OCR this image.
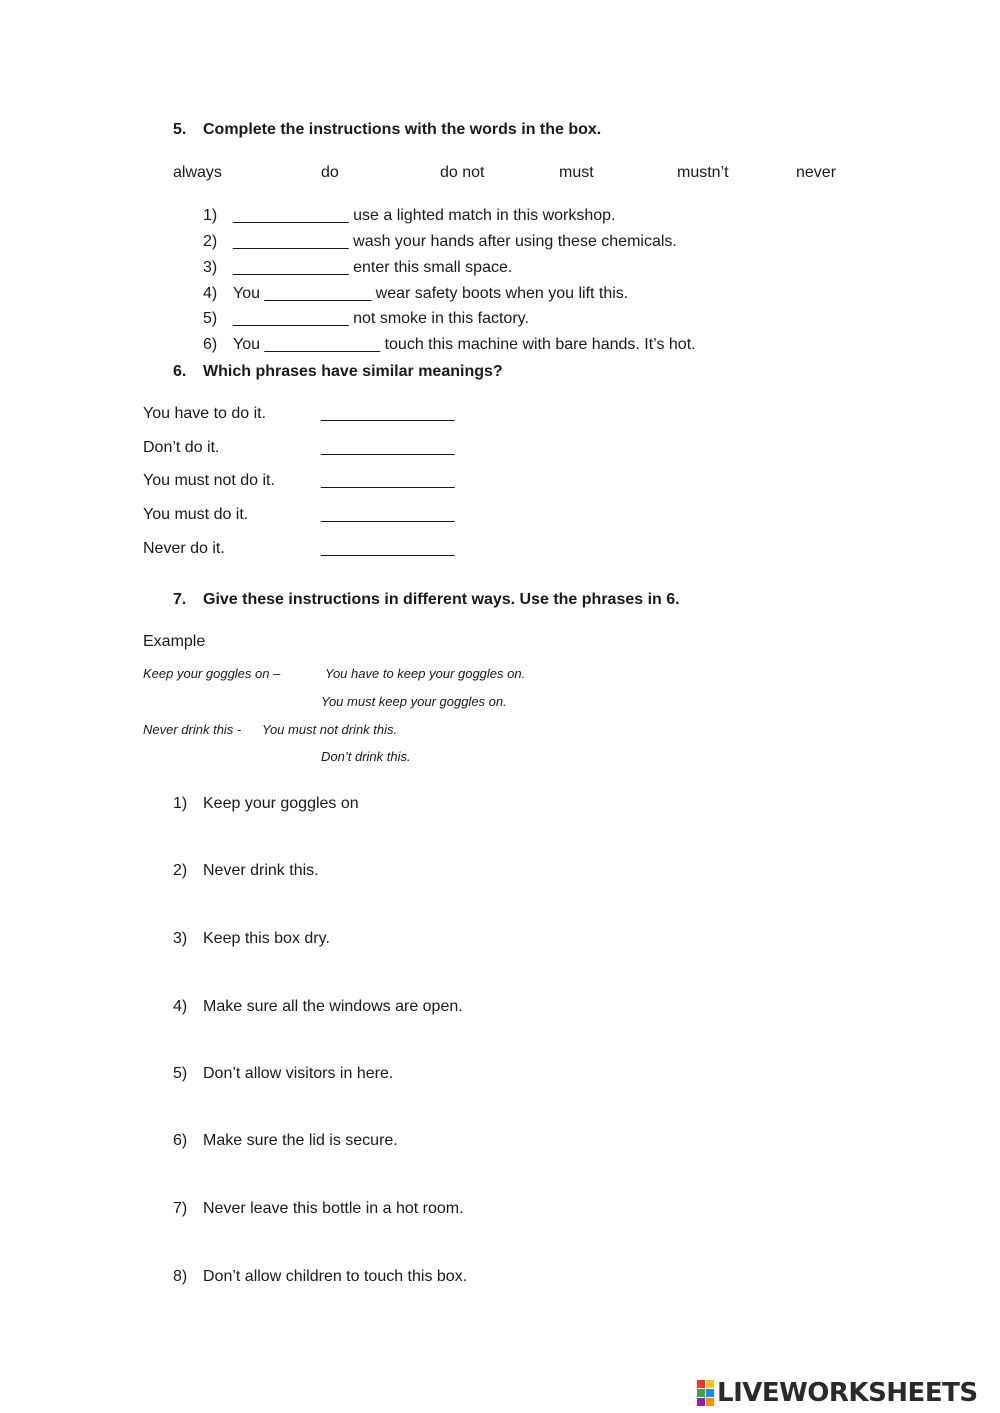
5. Complete the instructions with the words in the box.
always	do	do not	must	mustn’t	never
1) _____________ use a lighted match in this workshop.
2) _____________ wash your hands after using these chemicals.
3) _____________ enter this small space.
4) You ____________ wear safety boots when you lift this.
5) _____________ not smoke in this factory.
6) You _____________ touch this machine with bare hands. It’s hot.
6. Which phrases have similar meanings?
You have to do it.	_______________
Don’t do it.	_______________
You must not do it.	_______________
You must do it.	_______________
Never do it.	_______________
7. Give these instructions in different ways. Use the phrases in 6.
Example
Keep your goggles on –	You have to keep your goggles on.
You must keep your goggles on.
Never drink this - You must not drink this.
Don’t drink this.
1) Keep your goggles on
2) Never drink this.
3) Keep this box dry.
4) Make sure all the windows are open.
5) Don’t allow visitors in here.
6) Make sure the lid is secure.
7) Never leave this bottle in a hot room.
8) Don’t allow children to touch this box.
LIVEWORKSHEETS
